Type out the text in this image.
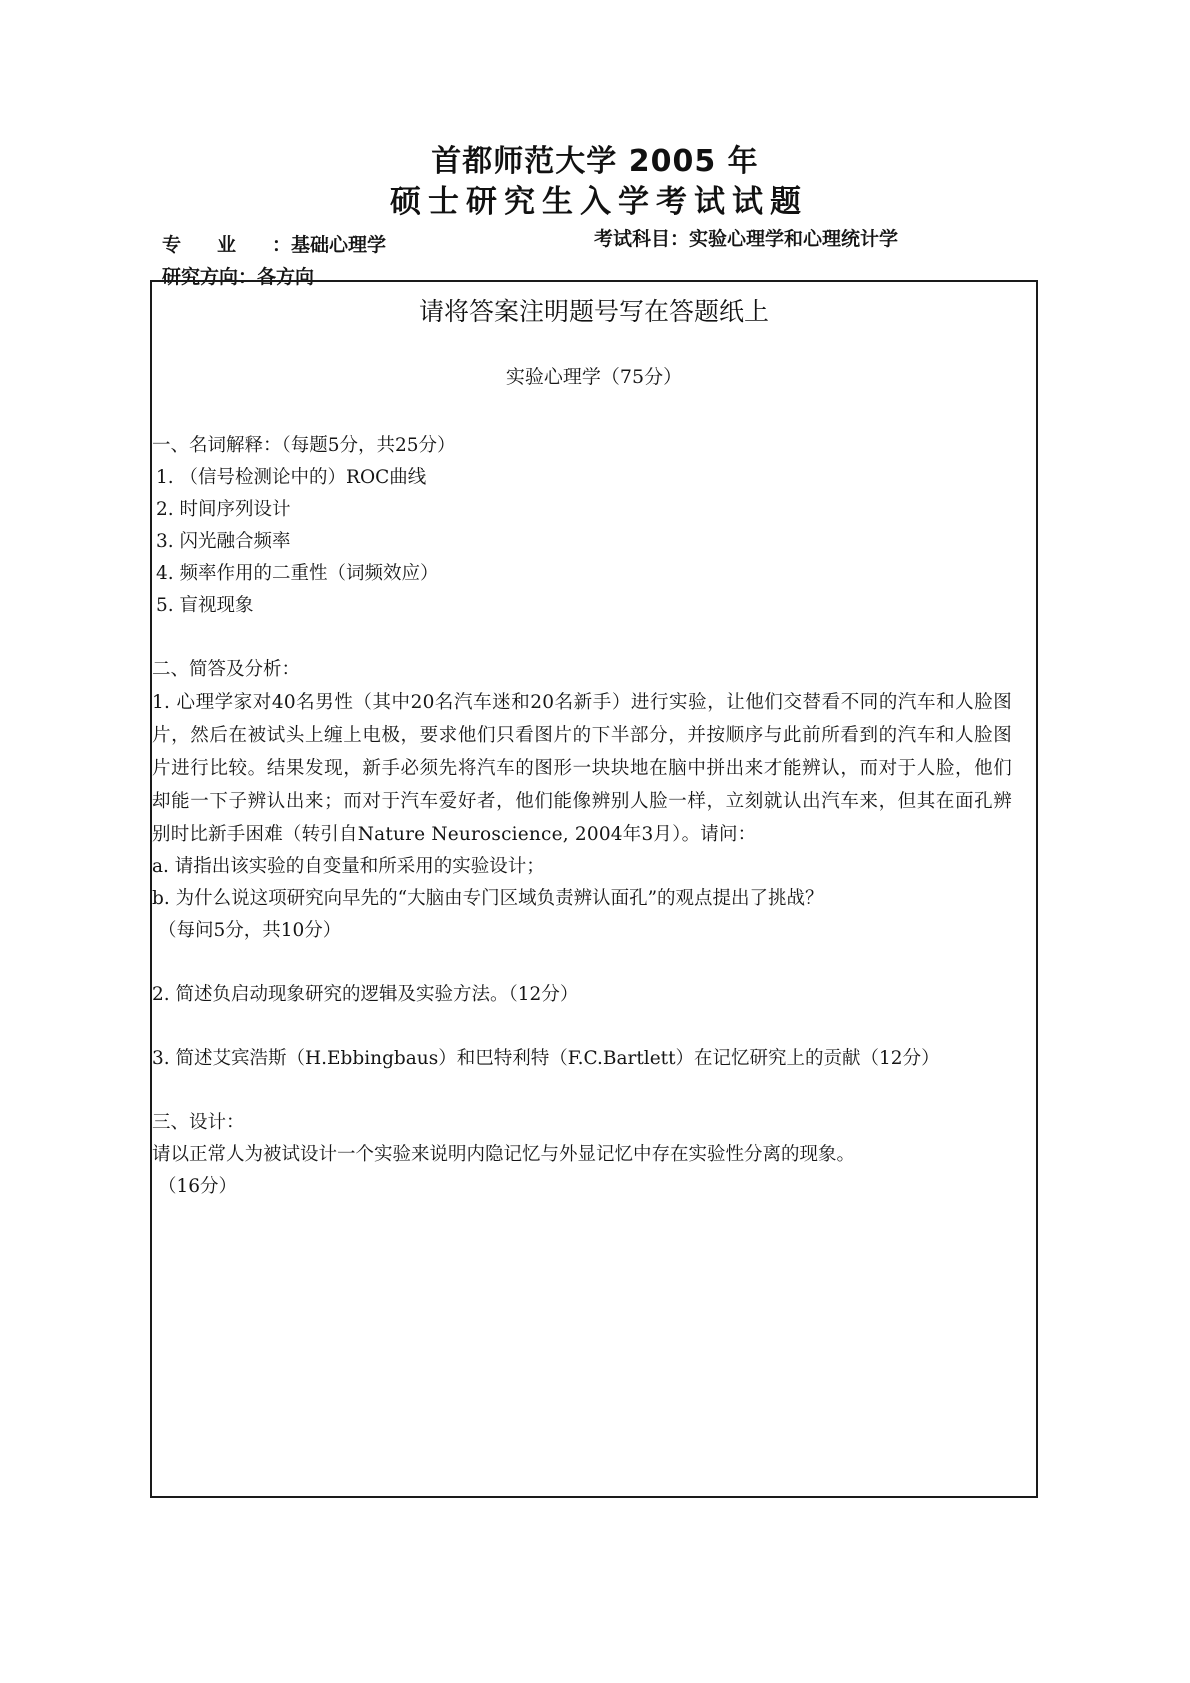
首都师范大学 2005 年
硕士研究生入学考试试题
专业：基础心理学	考试科目：实验心理学和心理统计学
研究方向：各方向
请将答案注明题号写在答题纸上
实验心理学（75分）
一、名词解释：（每题5分，共25分）
1. （信号检测论中的）ROC曲线
2. 时间序列设计
3. 闪光融合频率
4. 频率作用的二重性（词频效应）
5. 盲视现象
二、简答及分析：
1. 心理学家对40名男性（其中20名汽车迷和20名新手）进行实验，让他们交替看不同的汽车和人脸图片，然后在被试头上缠上电极，要求他们只看图片的下半部分，并按顺序与此前所看到的汽车和人脸图片进行比较。结果发现，新手必须先将汽车的图形一块块地在脑中拼出来才能辨认，而对于人脸，他们却能一下子辨认出来；而对于汽车爱好者，他们能像辨别人脸一样，立刻就认出汽车来，但其在面孔辨别时比新手困难（转引自Nature Neuroscience, 2004年3月）。请问：
a. 请指出该实验的自变量和所采用的实验设计；
b. 为什么说这项研究向早先的“大脑由专门区域负责辨认面孔”的观点提出了挑战？
（每问5分，共10分）
2. 简述负启动现象研究的逻辑及实验方法。（12分）
3. 简述艾宾浩斯（H.Ebbingbaus）和巴特利特（F.C.Bartlett）在记忆研究上的贡献（12分）
三、设计：
请以正常人为被试设计一个实验来说明内隐记忆与外显记忆中存在实验性分离的现象。
（16分）
